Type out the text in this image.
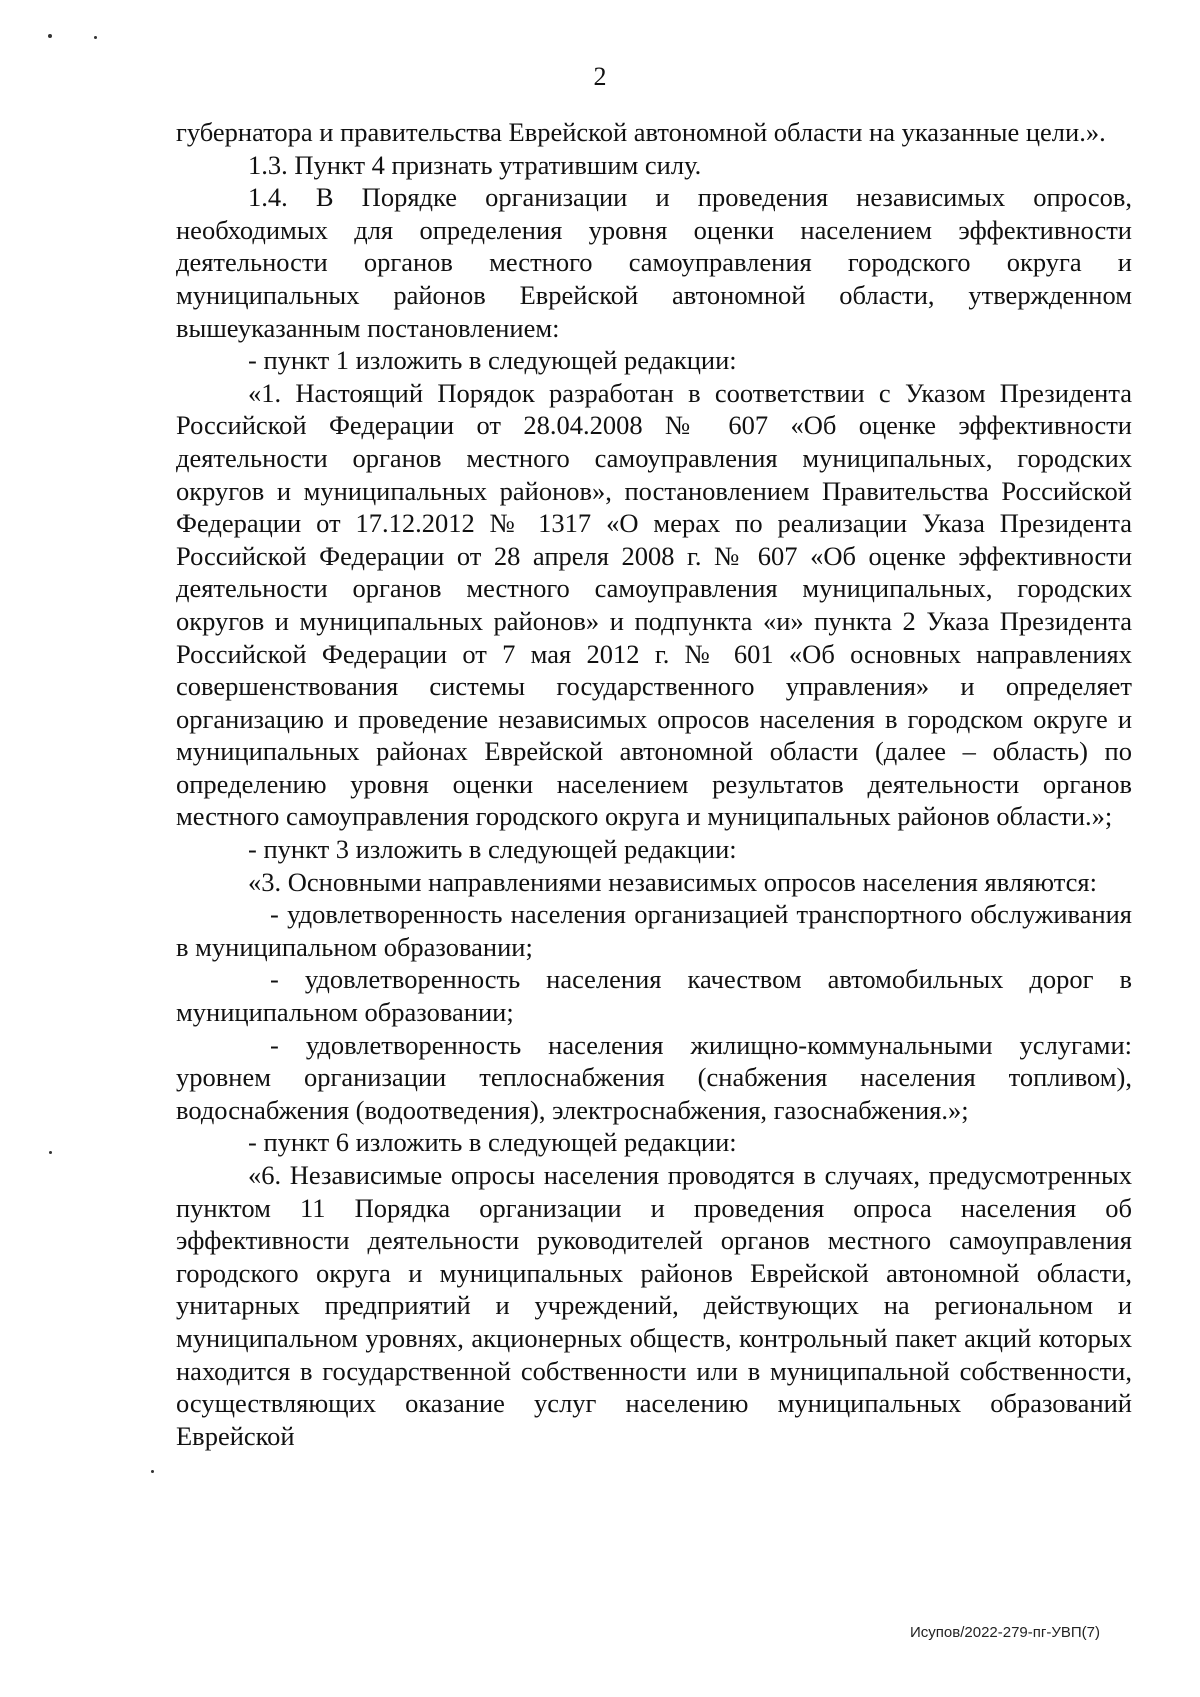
2

губернатора и правительства Еврейской автономной области на указанные цели.».

1.3. Пункт 4 признать утратившим силу.

1.4. В Порядке организации и проведения независимых опросов, необходимых для определения уровня оценки населением эффективности деятельности органов местного самоуправления городского округа и муниципальных районов Еврейской автономной области, утвержденном вышеуказанным постановлением:

- пункт 1 изложить в следующей редакции:

«1. Настоящий Порядок разработан в соответствии с Указом Президента Российской Федерации от 28.04.2008 № 607 «Об оценке эффективности деятельности органов местного самоуправления муниципальных, городских округов и муниципальных районов», постановлением Правительства Российской Федерации от 17.12.2012 № 1317 «О мерах по реализации Указа Президента Российской Федерации от 28 апреля 2008 г. № 607 «Об оценке эффективности деятельности органов местного самоуправления муниципальных, городских округов и муниципальных районов» и подпункта «и» пункта 2 Указа Президента Российской Федерации от 7 мая 2012 г. № 601 «Об основных направлениях совершенствования системы государственного управления» и определяет организацию и проведение независимых опросов населения в городском округе и муниципальных районах Еврейской автономной области (далее – область) по определению уровня оценки населением результатов деятельности органов местного самоуправления городского округа и муниципальных районов области.»;

- пункт 3 изложить в следующей редакции:

«3. Основными направлениями независимых опросов населения являются:

- удовлетворенность населения организацией транспортного обслуживания в муниципальном образовании;

- удовлетворенность населения качеством автомобильных дорог в муниципальном образовании;

- удовлетворенность населения жилищно-коммунальными услугами: уровнем организации теплоснабжения (снабжения населения топливом), водоснабжения (водоотведения), электроснабжения, газоснабжения.»;

- пункт 6 изложить в следующей редакции:

«6. Независимые опросы населения проводятся в случаях, предусмотренных пунктом 11 Порядка организации и проведения опроса населения об эффективности деятельности руководителей органов местного самоуправления городского округа и муниципальных районов Еврейской автономной области, унитарных предприятий и учреждений, действующих на региональном и муниципальном уровнях, акционерных обществ, контрольный пакет акций которых находится в государственной собственности или в муниципальной собственности, осуществляющих оказание услуг населению муниципальных образований Еврейской

Исупов/2022-279-пг-УВП(7)
